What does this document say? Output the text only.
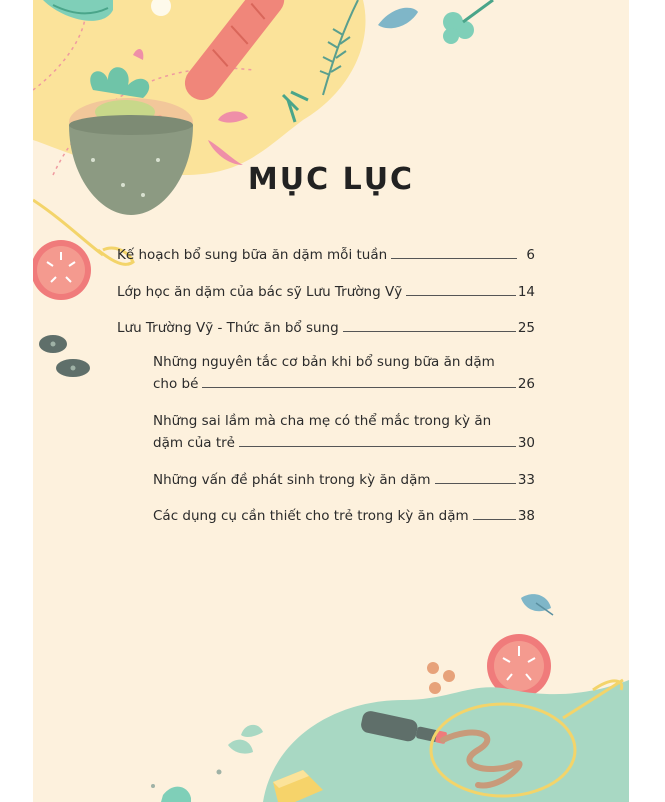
MỤC LỤC
Kế hoạch bổ sung bữa ăn dặm mỗi tuần	6
Lớp học ăn dặm của bác sỹ Lưu Trường Vỹ	14
Lưu Trường Vỹ - Thức ăn bổ sung	25
Những nguyên tắc cơ bản khi bổ sung bữa ăn dặm
cho bé	26
Những sai lầm mà cha mẹ có thể mắc trong kỳ ăn
dặm của trẻ	30
Những vấn đề phát sinh trong kỳ ăn dặm	33
Các dụng cụ cần thiết cho trẻ trong kỳ ăn dặm	38
